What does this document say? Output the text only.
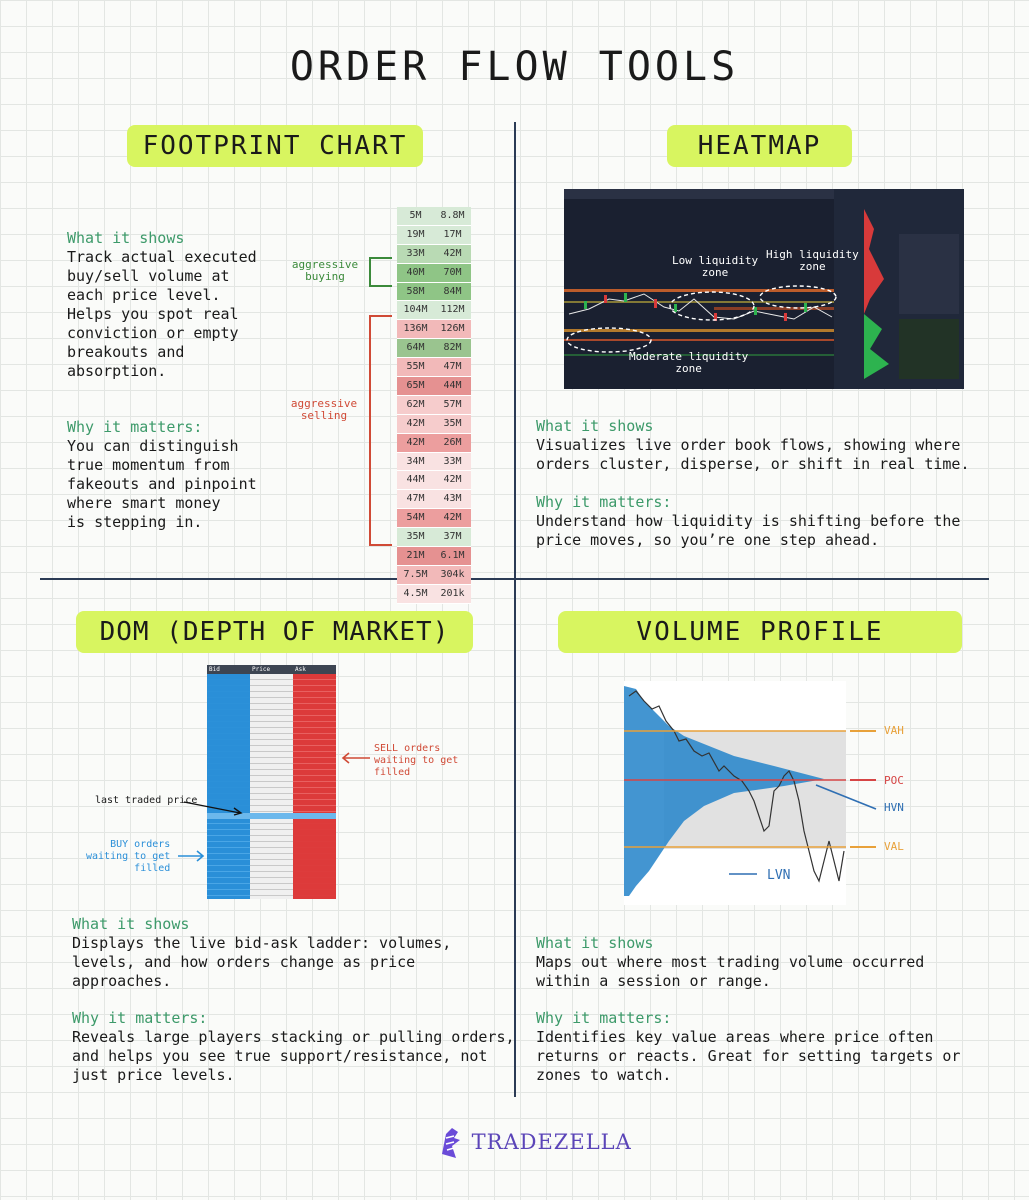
ORDER FLOW TOOLS
FOOTPRINT CHART
What it shows
Track actual executed
buy/sell volume at
each price level.
Helps you spot real
conviction or empty
breakouts and
absorption.
Why it matters:
You can distinguish
true momentum from
fakeouts and pinpoint
where smart money
is stepping in.
aggressive
buying
aggressive
selling
5M	8.8M
19M	17M
33M	42M
40M	70M
58M	84M
104M	112M
136M	126M
64M	82M
55M	47M
65M	44M
62M	57M
42M	35M
42M	26M
34M	33M
44M	42M
47M	43M
54M	42M
35M	37M
21M	6.1M
7.5M	304k
4.5M	201k
HEATMAP
Low liquidity
zone
High liquidity
zone
Moderate liquidity
zone
What it shows
Visualizes live order book flows, showing where
orders cluster, disperse, or shift in real time.
Why it matters:
Understand how liquidity is shifting before the
price moves, so you’re one step ahead.
DOM (DEPTH OF MARKET)
Bid	Price	Ask
SELL orders
waiting to get
filled
last traded price
BUY orders
waiting to get
filled
What it shows
Displays the live bid-ask ladder: volumes,
levels, and how orders change as price
approaches.
Why it matters:
Reveals large players stacking or pulling orders,
and helps you see true support/resistance, not
just price levels.
VOLUME PROFILE
VAH
POC
HVN
VAL
LVN
What it shows
Maps out where most trading volume occurred
within a session or range.
Why it matters:
Identifies key value areas where price often
returns or reacts. Great for setting targets or
zones to watch.
TRADEZELLA
